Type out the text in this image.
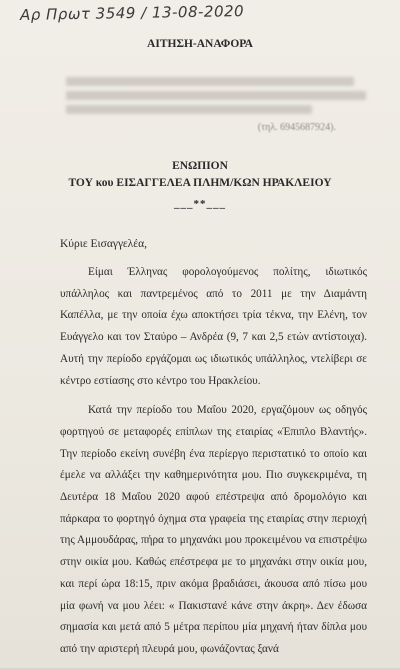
Αρ Πρωτ 3549 / 13-08-2020
ΑΙΤΗΣΗ-ΑΝΑΦΟΡΑ
(τηλ. 6945687924).
ΕΝΩΠΙΟΝ
ΤΟΥ κου ΕΙΣΑΓΓΕΛΕΑ ΠΛΗΜ/ΚΩΝ ΗΡΑΚΛΕΙΟΥ
___**___
Κύριε Εισαγγελέα,

Είμαι Έλληνας φορολογούμενος πολίτης, ιδιωτικός υπάλληλος και παντρεμένος από το 2011 με την Διαμάντη Καπέλλα, με την οποία έχω αποκτήσει τρία τέκνα, την Ελένη, τον Ευάγγελο και τον Σταύρο – Ανδρέα (9, 7 και 2,5 ετών αντίστοιχα). Αυτή την περίοδο εργάζομαι ως ιδιωτικός υπάλληλος, ντελίβερι σε κέντρο εστίασης στο κέντρο του Ηρακλείου.

Κατά την περίοδο του Μαΐου 2020, εργαζόμουν ως οδηγός φορτηγού σε μεταφορές επίπλων της εταιρίας «Έπιπλο Βλαντής». Την περίοδο εκείνη συνέβη ένα περίεργο περιστατικό το οποίο και έμελε να αλλάξει την καθημερινότητα μου. Πιο συγκεκριμένα, τη Δευτέρα 18 Μαΐου 2020 αφού επέστρεψα από δρομολόγιο και πάρκαρα το φορτηγό όχημα στα γραφεία της εταιρίας στην περιοχή της Αμμουδάρας, πήρα το μηχανάκι μου προκειμένου να επιστρέψω στην οικία μου. Καθώς επέστρεφα με το μηχανάκι στην οικία μου, και περί ώρα 18:15, πριν ακόμα βραδιάσει, άκουσα από πίσω μου μία φωνή να μου λέει: « Πακιστανέ κάνε στην άκρη». Δεν έδωσα σημασία και μετά από 5 μέτρα περίπου μία μηχανή ήταν δίπλα μου από την αριστερή πλευρά μου, φωνάζοντας ξανά
